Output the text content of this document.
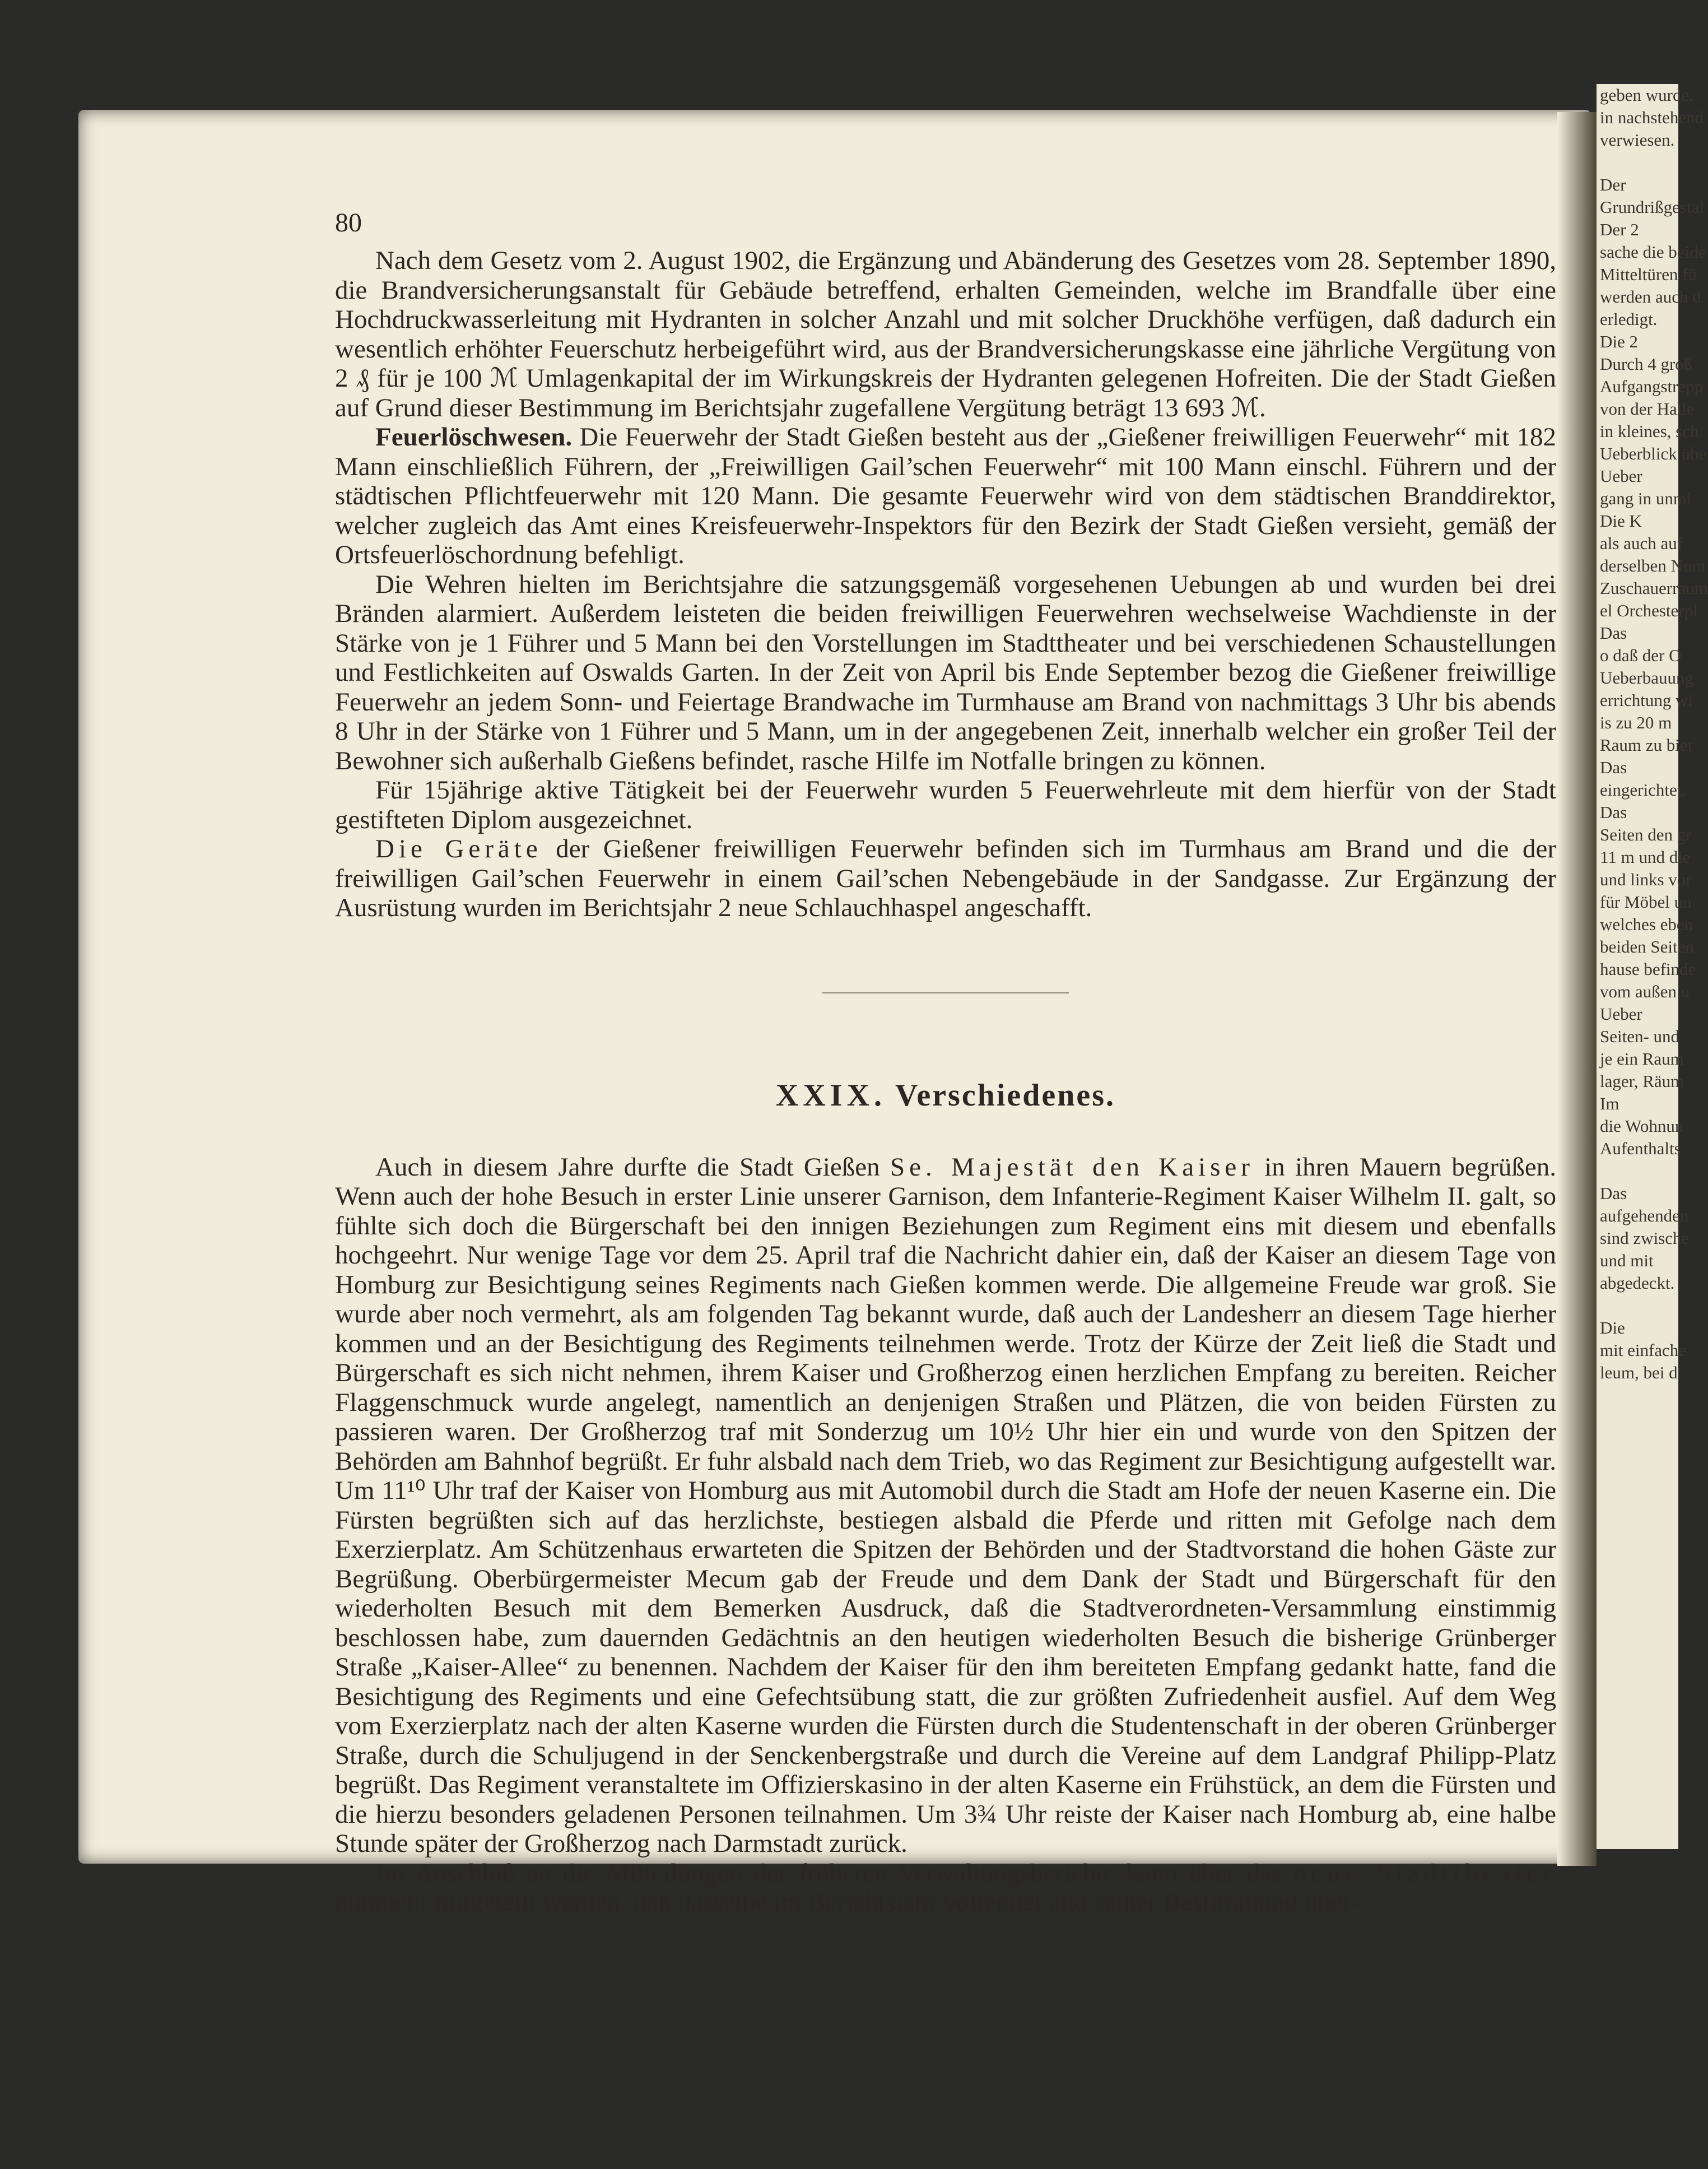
geben wurde.
in nachstehend
verwiesen.

Der
Grundrißgestal
Der 2
sache die beide
Mitteltüren fü
werden auch d
erledigt.
Die 2
Durch 4 groß
Aufgangstrepp
von der Halle
in kleines, sch
Ueberblick übe
Ueber
gang in unmi
Die K
als auch auf
derselben Num
Zuschauerraum
el Orchesterpl
Das
o daß der O
Ueberbauung
errichtung wi
is zu 20 m
Raum zu biet
Das
eingerichtet.
Das
Seiten den gr
11 m und die
und links vor
für Möbel un
welches eben
beiden Seiten
hause befinde
vom außen u
Ueber
Seiten- und
je ein Raum
lager, Räum
Im
die Wohnun
Aufenthalts

Das
aufgehenden
sind zwische
und mit
abgedeckt.

Die
mit einfache
leum, bei d
80

Nach dem Gesetz vom 2. August 1902, die Ergänzung und Abänderung des Gesetzes vom 28. September 1890, die Brandversicherungsanstalt für Gebäude betreffend, erhalten Gemeinden, welche im Brandfalle über eine Hochdruckwasserleitung mit Hydranten in solcher Anzahl und mit solcher Druckhöhe verfügen, daß dadurch ein wesentlich erhöhter Feuerschutz herbeigeführt wird, aus der Brandversicherungskasse eine jährliche Vergütung von 2 ₰ für je 100 ℳ Umlagenkapital der im Wirkungskreis der Hydranten gelegenen Hofreiten. Die der Stadt Gießen auf Grund dieser Bestimmung im Berichtsjahr zugefallene Vergütung beträgt 13 693 ℳ.

Feuerlöschwesen. Die Feuerwehr der Stadt Gießen besteht aus der „Gießener freiwilligen Feuerwehr“ mit 182 Mann einschließlich Führern, der „Freiwilligen Gail’schen Feuerwehr“ mit 100 Mann einschl. Führern und der städtischen Pflichtfeuerwehr mit 120 Mann. Die gesamte Feuerwehr wird von dem städtischen Branddirektor, welcher zugleich das Amt eines Kreisfeuerwehr-Inspektors für den Bezirk der Stadt Gießen versieht, gemäß der Ortsfeuerlöschordnung befehligt.

Die Wehren hielten im Berichtsjahre die satzungsgemäß vorgesehenen Uebungen ab und wurden bei drei Bränden alarmiert. Außerdem leisteten die beiden freiwilligen Feuerwehren wechselweise Wachdienste in der Stärke von je 1 Führer und 5 Mann bei den Vorstellungen im Stadttheater und bei verschiedenen Schaustellungen und Festlichkeiten auf Oswalds Garten. In der Zeit von April bis Ende September bezog die Gießener freiwillige Feuerwehr an jedem Sonn- und Feiertage Brandwache im Turmhause am Brand von nachmittags 3 Uhr bis abends 8 Uhr in der Stärke von 1 Führer und 5 Mann, um in der angegebenen Zeit, innerhalb welcher ein großer Teil der Bewohner sich außerhalb Gießens befindet, rasche Hilfe im Notfalle bringen zu können.

Für 15jährige aktive Tätigkeit bei der Feuerwehr wurden 5 Feuerwehrleute mit dem hierfür von der Stadt gestifteten Diplom ausgezeichnet.

Die Geräte der Gießener freiwilligen Feuerwehr befinden sich im Turmhaus am Brand und die der freiwilligen Gail’schen Feuerwehr in einem Gail’schen Nebengebäude in der Sandgasse. Zur Ergänzung der Ausrüstung wurden im Berichtsjahr 2 neue Schlauchhaspel angeschafft.

XXIX. Verschiedenes.

Auch in diesem Jahre durfte die Stadt Gießen Se. Majestät den Kaiser in ihren Mauern begrüßen. Wenn auch der hohe Besuch in erster Linie unserer Garnison, dem Infanterie-Regiment Kaiser Wilhelm II. galt, so fühlte sich doch die Bürgerschaft bei den innigen Beziehungen zum Regiment eins mit diesem und ebenfalls hochgeehrt. Nur wenige Tage vor dem 25. April traf die Nachricht dahier ein, daß der Kaiser an diesem Tage von Homburg zur Besichtigung seines Regiments nach Gießen kommen werde. Die allgemeine Freude war groß. Sie wurde aber noch vermehrt, als am folgenden Tag bekannt wurde, daß auch der Landesherr an diesem Tage hierher kommen und an der Besichtigung des Regiments teilnehmen werde. Trotz der Kürze der Zeit ließ die Stadt und Bürgerschaft es sich nicht nehmen, ihrem Kaiser und Großherzog einen herzlichen Empfang zu bereiten. Reicher Flaggenschmuck wurde angelegt, namentlich an denjenigen Straßen und Plätzen, die von beiden Fürsten zu passieren waren. Der Großherzog traf mit Sonderzug um 10½ Uhr hier ein und wurde von den Spitzen der Behörden am Bahnhof begrüßt. Er fuhr alsbald nach dem Trieb, wo das Regiment zur Besichtigung aufgestellt war. Um 11¹⁰ Uhr traf der Kaiser von Homburg aus mit Automobil durch die Stadt am Hofe der neuen Kaserne ein. Die Fürsten begrüßten sich auf das herzlichste, bestiegen alsbald die Pferde und ritten mit Gefolge nach dem Exerzierplatz. Am Schützenhaus erwarteten die Spitzen der Behörden und der Stadtvorstand die hohen Gäste zur Begrüßung. Oberbürgermeister Mecum gab der Freude und dem Dank der Stadt und Bürgerschaft für den wiederholten Besuch mit dem Bemerken Ausdruck, daß die Stadtverordneten-Versammlung einstimmig beschlossen habe, zum dauernden Gedächtnis an den heutigen wiederholten Besuch die bisherige Grünberger Straße „Kaiser-Allee“ zu benennen. Nachdem der Kaiser für den ihm bereiteten Empfang gedankt hatte, fand die Besichtigung des Regiments und eine Gefechtsübung statt, die zur größten Zufriedenheit ausfiel. Auf dem Weg vom Exerzierplatz nach der alten Kaserne wurden die Fürsten durch die Studentenschaft in der oberen Grünberger Straße, durch die Schuljugend in der Senckenbergstraße und durch die Vereine auf dem Landgraf Philipp-Platz begrüßt. Das Regiment veranstaltete im Offizierskasino in der alten Kaserne ein Frühstück, an dem die Fürsten und die hierzu besonders geladenen Personen teilnahmen. Um 3¾ Uhr reiste der Kaiser nach Homburg ab, eine halbe Stunde später der Großherzog nach Darmstadt zurück.

Im Anschluß an die Mitteilungen der früheren Verwaltungsberichte kann über das neue Stadttheater nunmehr mitgeteilt werden, daß dasselbe im Berichtsjahr vollendet und seiner Bestimmung über-
